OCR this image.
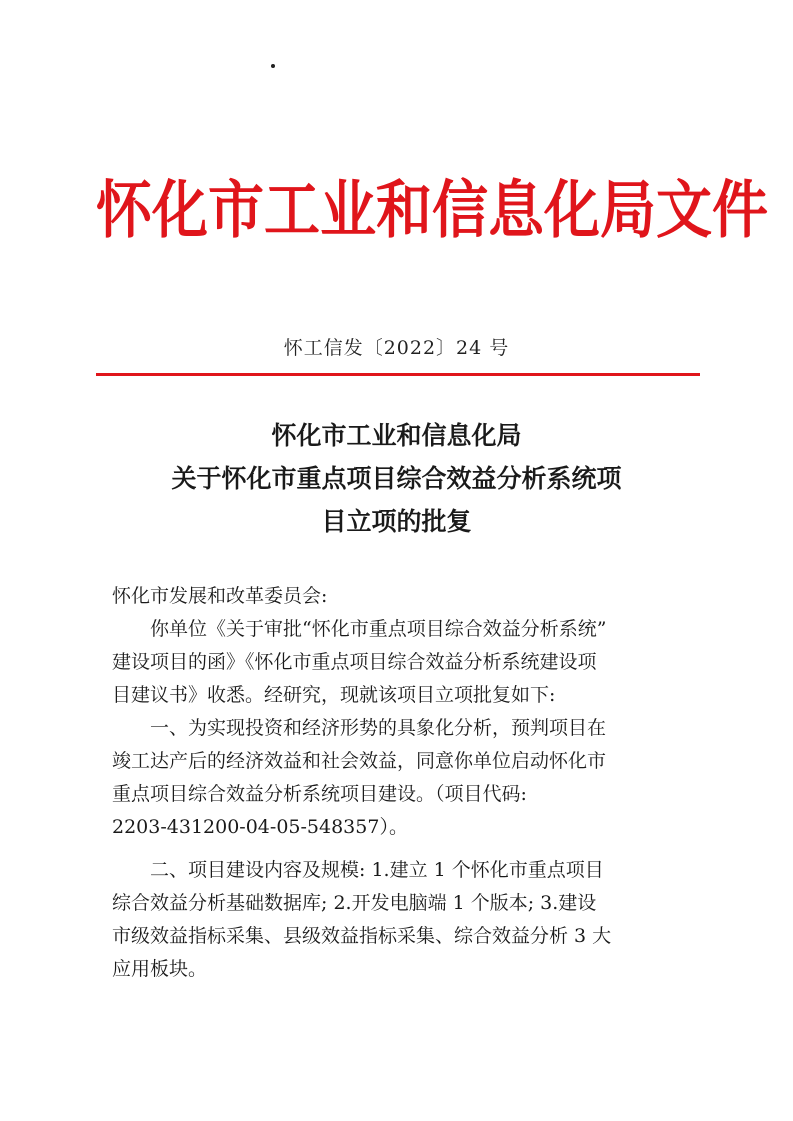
怀化市工业和信息化局文件
怀工信发〔2022〕24 号
怀化市工业和信息化局
关于怀化市重点项目综合效益分析系统项
目立项的批复

怀化市发展和改革委员会:

你单位《关于审批“怀化市重点项目综合效益分析系统”
建设项目的函》《怀化市重点项目综合效益分析系统建设项
目建议书》收悉。经研究，现就该项目立项批复如下:
一、为实现投资和经济形势的具象化分析，预判项目在
竣工达产后的经济效益和社会效益，同意你单位启动怀化市
重点项目综合效益分析系统项目建设。（项目代码:
2203-431200-04-05-548357）。
二、项目建设内容及规模: 1.建立 1 个怀化市重点项目
综合效益分析基础数据库; 2.开发电脑端 1 个版本; 3.建设
市级效益指标采集、县级效益指标采集、综合效益分析 3 大
应用板块。
